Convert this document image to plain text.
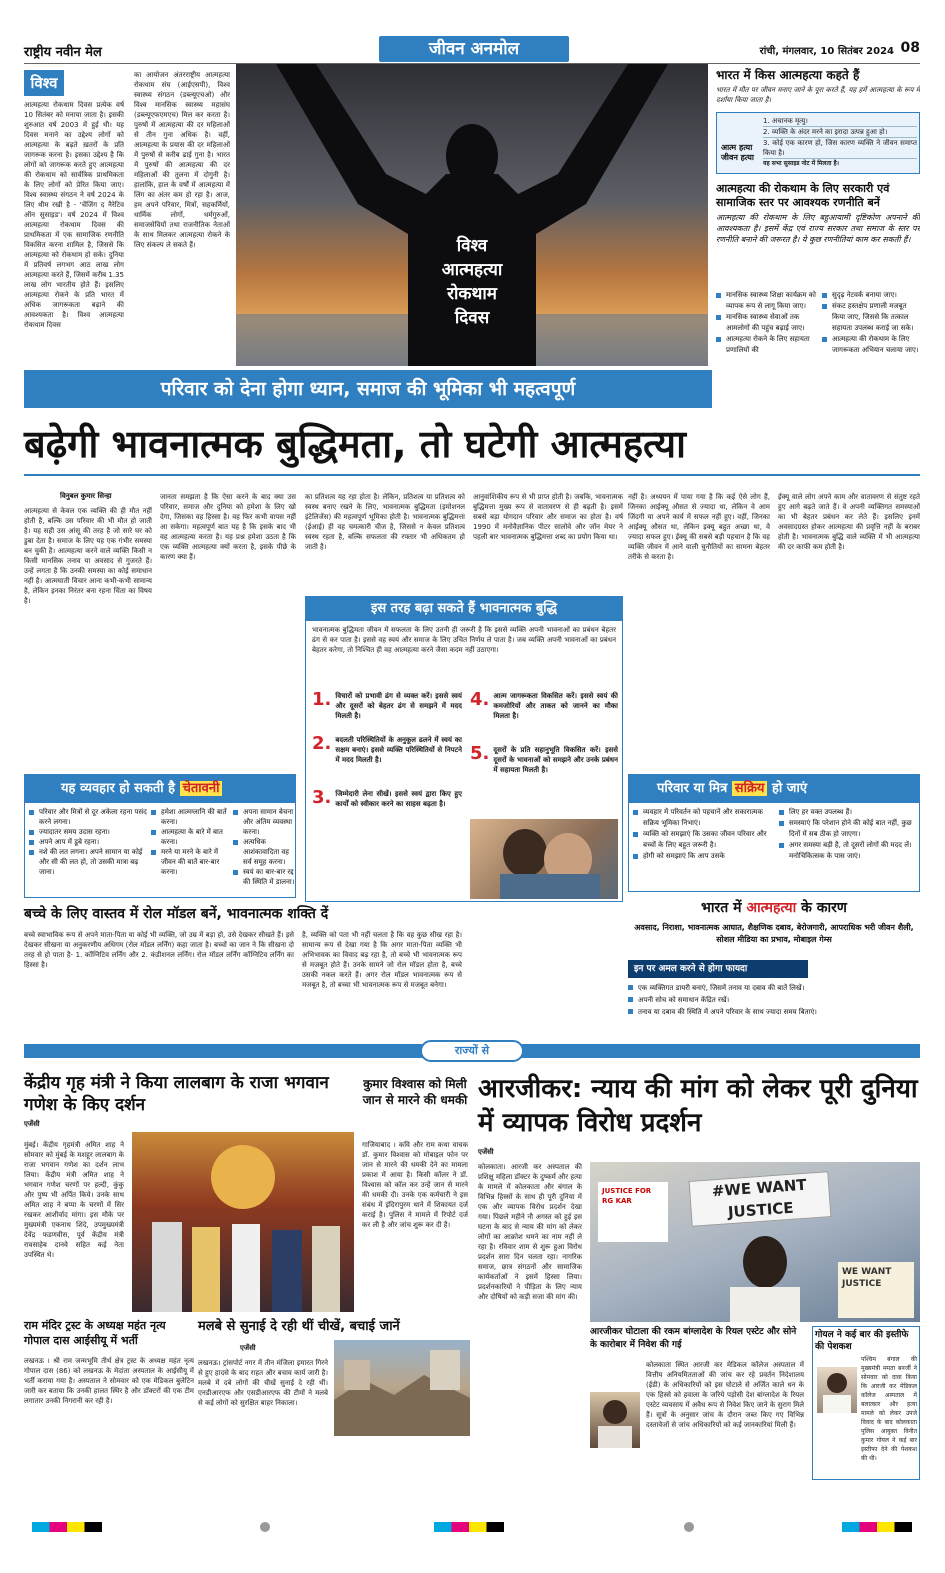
राष्ट्रीय नवीन मेल	जीवन अनमोल	रांची, मंगलवार, 10 सितंबर 2024 08
विश्व
आत्महत्या रोकथाम दिवस प्रत्येक वर्ष 10 सितंबर को मनाया जाता है। इसकी शुरुआत वर्ष 2003 में हुई थी। यह दिवस मनाने का उद्देश्य लोगों को आत्महत्या के बढ़ते ख़तरों के प्रति जागरूक करना है। इसका उद्देश्य है कि लोगों को जागरूक करते हुए आत्महत्या की रोकथाम को सार्वत्रिक प्राथमिकता के लिए लोगों को प्रेरित किया जाए। विश्व स्वास्थ्य संगठन ने वर्ष 2024 के लिए थीम रखी है - 'चेंजिंग द नैरेटिव ऑन सुसाइड'। वर्ष 2024 में विश्व आत्महत्या रोकथाम दिवस की प्राथमिकता में एक सामाजिक रणनीति विकसित करना शामिल है, जिससे कि आत्महत्या को रोकथाम हो सके। दुनिया में प्रतिवर्ष लगभग आठ लाख लोग आत्महत्या करते हैं, जिसमें करीब 1.35 लाख लोग भारतीय होते हैं। इसलिए आत्महत्या रोकने के प्रति भारत में अधिक जागरूकता बढ़ाने की आवश्यकता है। विश्व आत्महत्या रोकथाम दिवस
का आयोजन अंतरराष्ट्रीय आत्महत्या रोकथाम संघ (आईएसपी), विश्व स्वास्थ्य संगठन (डब्ल्यूएचओ) और विश्व मानसिक स्वास्थ्य महासंघ (डब्ल्यूएफएमएच) मिल कर करता है। पुरुषों में आत्महत्या की दर महिलाओं से तीन गुना अधिक है। वहीं, आत्महत्या के प्रयास की दर महिलाओं में पुरुषों से करीब ढाई गुना है। भारत में पुरुषों की आत्महत्या की दर महिलाओं की तुलना में दोगुनी है। हालांकि, हाल के वर्षों में आत्महत्या में लिंग का अंतर कम हो रहा है। आज, हम अपने परिवार, मित्रों, सहकर्मियों, धार्मिक लोगों, धर्मगुरुओं, समाजसेवियों तथा राजनीतिक नेताओं के साथ मिलकर आत्महत्या रोकने के लिए संकल्प ले सकते हैं।	विश्व
आत्महत्या
रोकथाम
दिवस
भारत में किस आत्महत्या कहते हैं
भारत में मौत पर जीवन मनाए जाने के पूरा करते हैं, यह हमें आत्महत्या के रूप में दर्शाया किया जाता है।
आत्म हत्या
जीवन हत्या
1. अचानक मृत्यु।
2. व्यक्ति के अंदर मरने का इरादा उत्पन्न हुआ हो।
3. कोई एक कारण हो, जिस कारण व्यक्ति ने जीवन समाप्त किया है।
यह सभा सुसाइड नोट में मिलता है।
आत्महत्या की रोकथाम के लिए सरकारी एवं सामाजिक स्तर पर आवश्यक रणनीति बनें
आत्महत्या की रोकथाम के लिए बहुआयामी दृष्टिकोण अपनाने की आवश्यकता है। इसमें केंद्र एवं राज्य सरकार तथा समाज के स्तर पर रणनीति बनाने की जरूरत है। ये कुछ रणनीतियां काम कर सकती हैं।
मानसिक स्वास्थ्य शिक्षा कार्यक्रम को व्यापक रूप से लागू किया जाए।
मानसिक स्वास्थ्य सेवाओं तक आमलोगों की पहुंच बढ़ाई जाए।
आत्महत्या रोकने के लिए सहायता प्रणालियों की
सुदृढ़ नेटवर्क बनाया जाए।
संकट हस्तक्षेप प्रणाली मजबूत किया जाए, जिससे कि तत्काल सहायता उपलब्ध कराई जा सके।
आत्महत्या की रोकथाम के लिए जागरूकता अभियान चलाया जाए।
परिवार को देना होगा ध्यान, समाज की भूमिका भी महत्वपूर्ण
बढ़ेगी भावनात्मक बुद्धिमता, तो घटेगी आत्महत्या
विनुबल कुमार सिन्हा
आत्महत्या से केवल एक व्यक्ति की ही मौत नहीं होती है, बल्कि उस परिवार की भी मौत हो जाती है। यह सही उस आंसू की तरह है जो सारे घर को डुबा देता है। समाज के लिए यह एक गंभीर समस्या बन चुकी है। आत्महत्या करने वाले व्यक्ति किसी न किसी मानसिक तनाव या अवसाद से गुजरते हैं। उन्हें लगता है कि उनकी समस्या का कोई समाधान नहीं है। आत्मघाती विचार आना कभी-कभी सामान्य है, लेकिन इनका निरंतर बना रहना चिंता का विषय है।
जानता समझता है कि ऐसा करने के बाद क्या उस परिवार, समाज और दुनिया को हमेशा के लिए खो देगा, जिसका वह हिस्सा है। वह फिर कभी वापस नहीं आ सकेगा। महत्वपूर्ण बात यह है कि इसके बाद भी वह आत्महत्या करता है। यह प्रश्न हमेशा उठता है कि एक व्यक्ति आत्महत्या क्यों करता है, इसके पीछे के कारण क्या हैं।
का प्रतिशत्व यह रहा होता है। लेकिन, प्रतिशत्व या प्रतिशत्व को स्वस्थ बनाए रखने के लिए, भावनात्मक बुद्धिमता (इमोशनल इंटेलिजेंस) की महत्वपूर्ण भूमिका होती है। भावनात्मक बुद्धिमत्ता (ईआई) ही वह चमत्कारी चीज है, जिससे न केवल प्रतिशत्व स्वस्थ रहता है, बल्कि सफलता की रफ्तार भी अधिकतम हो जाती है।
आनुवांशिकीय रूप से भी प्राप्त होती है। जबकि, भावनात्मक बुद्धिमत्ता मुख्य रूप से वातावरण से ही बढ़ती है। इसमें सबसे बड़ा योगदान परिवार और समाज का होता है। वर्ष 1990 में मनोवैज्ञानिक पीटर सालोवे और जॉन मेयर ने पहली बार भावनात्मक बुद्धिमत्ता शब्द का प्रयोग किया था।
नहीं है। अध्ययन में पाया गया है कि कई ऐसे लोग हैं, जिनका आईक्यू औसत से ज्यादा था, लेकिन वे आम जिंदगी या अपने कार्य में सफल नहीं हुए। वहीं, जिनका आईक्यू औसत था, लेकिन इक्यू बहुत अच्छा था, वे ज्यादा सफल हुए। ईक्यू की सबसे बड़ी पहचान है कि वह व्यक्ति जीवन में आने वाली चुनौतियों का सामना बेहतर तरीके से करता है।
ईक्यू वाले लोग अपने काम और वातावरण से संतुष्ट रहते हुए आगे बढ़ते जाते हैं। वे अपनी व्यक्तिगत समस्याओं का भी बेहतर प्रबंधन कर लेते हैं। इसलिए इनमें अवसादग्रस्त होकर आत्महत्या की प्रवृत्ति नहीं के बराबर होती है। भावनात्मक बुद्धि वाले व्यक्ति में भी आत्महत्या की दर काफी कम होती है।
इस तरह बढ़ा सकते हैं भावनात्मक बुद्धि
भावनात्मक बुद्धिमता जीवन में सफलता के लिए उतनी ही जरूरी है कि इससे व्यक्ति अपनी भावनाओं का प्रबंधन बेहतर ढंग से कर पाता है। इससे वह स्वयं और समाज के लिए उचित निर्णय ले पाता है। जब व्यक्ति अपनी भावनाओं का प्रबंधन बेहतर करेगा, तो निश्चित ही वह आत्महत्या करने जैसा कदम नहीं उठाएगा।
1. विचारों को प्रभावी ढंग से व्यक्त करें। इससे स्वयं और दूसरों को बेहतर ढंग से समझने में मदद मिलती है।
2. बदलती परिस्थितियों के अनुकूल ढलने में स्वयं का सक्षम बनाएं। इससे व्यक्ति परिस्थितियों से निपटने में मदद मिलती है।
3. जिम्मेदारी लेना सीखें। इससे स्वयं द्वारा किए हुए कार्यों को स्वीकार करने का साहस बढ़ता है।
4. आत्म जागरूकता विकसित करें। इससे स्वयं की कमजोरियों और ताकत को जानने का मौका मिलता है।
5. दूसरों के प्रति सहानुभूति विकसित करें। इससे दूसरों के भावनाओं को समझने और उनके प्रबंधन में सहायता मिलती है।
यह व्यवहार हो सकती है चेतावनी
परिवार और मित्रों से दूर अकेला रहना पसंद करने लगना।
ज्यादातर समय उदास रहना।
अपने आप में डूबे रहना।
नशे की लत लगना। अपने सामान या कोई और सी की लत हो, तो उसकी मात्रा बढ़ जाना।
हमेशा आत्मग्लानि की बातें करना।
आत्महत्या के बारे में बात करना।
मरने या मरने के बारे में जीवन की बातें बार-बार करना।
अपना सामान बेचना और अंतिम व्यवस्था करना।
अत्यधिक आशंकावादिता वह सर्व समूह करना।
स्वयं का बार-बार रद्द की स्थिति में डालना।
परिवार या मित्र सक्रिय हो जाएं
व्यवहार में परिवर्तन को पहचानें और सकारात्मक सक्रिय भूमिका निभाएं।
व्यक्ति को समझाएं कि उसका जीवन परिवार और बच्चों के लिए बहुत जरूरी है।
होगी को समझाएं कि आप उसके
लिए हर वक्त उपलब्ध हैं।
समस्याएं कि परेशान होने की कोई बात नहीं, कुछ दिनों में सब ठीक हो जाएगा।
अगर समस्या बड़ी है, तो दूसरों लोगों की मदद लें। मनोचिकित्सक के पास जाएं।
बच्चे के लिए वास्तव में रोल मॉडल बनें, भावनात्मक शक्ति दें
बच्चे स्वाभाविक रूप से अपने माता-पिता या कोई भी व्यक्ति, जो उम्र में बड़ा हो, उसे देखकर सीखते हैं। इसे देखकर सीखना या अनुकरणीय अधिगम (रोल मॉडल लर्निंग) कहा जाता है। बच्चों का जान ने कि सीखना दो तरह से हो पाता है- 1. कॉग्निटिव लर्निंग और 2. कंडीशनल लर्निंग। रोल मॉडल लर्निंग कॉग्निटिव लर्निंग का हिस्सा है।
है, व्यक्ति को पता भी नहीं चलता है कि वह कुछ सीख रहा है। सामान्य रूप से देखा गया है कि अगर माता-पिता व्यक्ति भी अभिभावक का विवाद बढ़ रहा है, तो बच्चे भी भावनात्मक रूप से मजबूत होते हैं। उनके सामने जो रोल मॉडल होता है, बच्चे उसकी नकल करते हैं। अगर रोल मॉडल भावनात्मक रूप से मजबूत है, तो बच्चा भी भावनात्मक रूप से मजबूत बनेगा।
भारत में आत्महत्या के कारण
अवसाद, निराशा, भावनात्मक आघात, शैक्षणिक दबाव, बेरोजगारी, आपराधिक भरी जीवन शैली, सोशल मीडिया का प्रभाव, मोबाइल गेम्स
इन पर अमल करने से होगा फायदा
एक व्यक्तिगत डायरी बनाएं, जिसमें तनाव या दबाव की बातें लिखें।
अपनी सोच को समाधान केंद्रित रखें।
तनाव या दबाव की स्थिति में अपने परिवार के साथ ज्यादा समय बिताएं।
राज्यों से
केंद्रीय गृह मंत्री ने किया लालबाग के राजा भगवान गणेश के किए दर्शन
एजेंसी
मुंबई। केंद्रीय गृहमंत्री अमित शाह ने सोमवार को मुंबई के मशहूर लालबाग के राजा भगवान गणेश का दर्शन लाभ लिया। केंद्रीय मंत्री अमित शाह ने भगवान गणेश चरणों पर हल्दी, कुंकु और पुष्प भी अर्पित किये। उनके साथ अमित शाह ने बप्पा के चरणों में सिर रखकर आशीर्वाद मांगा। इस मौके पर मुख्यमंत्री एकनाथ शिंदे, उपमुख्यमंत्री देवेंद्र फडणवीस, पूर्व केंद्रीय मंत्री रावसाहेब दानवे सहित कई नेता उपस्थित थे।
कुमार विश्वास को मिली जान से मारने की धमकी
गाजियाबाद । कवि और राम कथा वाचक डॉ. कुमार विश्वास को मोबाइल फोन पर जान से मारने की धमकी देने का मामला प्रकाश में आया है। किसी कॉलर ने डॉ. विश्वास को कॉल कर उन्हें जान से मारने की धमकी दी। उनके एक कर्मचारी ने इस संबंध में इंदिरापुरम थाने में शिकायत दर्ज कराई है। पुलिस ने मामले में रिपोर्ट दर्ज कर ली है और जांच शुरू कर दी है।
आरजीकर: न्याय की मांग को लेकर पूरी दुनिया में व्यापक विरोध प्रदर्शन
एजेंसी
कोलकाता। आरजी कर अस्पताल की प्रशिक्षु महिला डॉक्टर के दुष्कर्म और हत्या के मामले में कोलकाता और बंगाल के विभिन्न हिस्सों के साथ ही पूरी दुनिया में एक और व्यापक विरोध प्रदर्शन देखा गया। पिछले महीने नौ अगस्त को हुई इस घटना के बाद से न्याय की मांग को लेकर लोगों का आक्रोश थमने का नाम नहीं ले रहा है। रविवार शाम से शुरू हुआ विरोध प्रदर्शन सारा दिन चलता रहा। नागरिक समाज, छात्र संगठनों और सामाजिक कार्यकर्ताओं ने इसमें हिस्सा लिया। प्रदर्शनकारियों ने पीड़िता के लिए न्याय और दोषियों को कड़ी सजा की मांग की।
#WE WANT JUSTICE
JUSTICE FOR RG KAR
WE WANT JUSTICE
आरजीकर घोटाला की रकम बांग्लादेश के रियल एस्टेट और सोने के कारोबार में निवेश की गई
कोलकाता स्थित आरजी कर मेडिकल कॉलेज अस्पताल में वित्तीय अनियमितताओं की जांच कर रहे प्रवर्तन निदेशालय (ईडी) के अधिकारियों को इस घोटाले से अर्जित काले धन के एक हिस्से को हवाला के जरिये पड़ोसी देश बांग्लादेश के रियल एस्टेट व्यवसाय में अवैध रूप से निवेश किए जाने के सुराग मिले हैं। सूत्रों के अनुसार जांच के दौरान जब्त किए गए विभिन्न दस्तावेजों से जांच अधिकारियों को कई जानकारियां मिली हैं।
गोयल ने कई बार की इस्तीफे की पेशकश
पश्चिम बंगाल की मुख्यमंत्री ममता बनर्जी ने सोमवार को दावा किया कि आरजी कर मेडिकल कॉलेज अस्पताल में बलात्कार और हत्या मामले को लेकर उपजे विवाद के बाद कोलकाता पुलिस आयुक्त विनीत कुमार गोयल ने कई बार इस्तीफा देने की पेशकश की थी।
राम मंदिर ट्रस्ट के अध्यक्ष महंत नृत्य गोपाल दास आईसीयू में भर्ती
लखनऊ । श्री राम जन्मभूमि तीर्थ क्षेत्र ट्रस्ट के अध्यक्ष महंत नृत्य गोपाल दास (86) को लखनऊ के मेदांता अस्पताल के आईसीयू में भर्ती कराया गया है। अस्पताल ने सोमवार को एक मेडिकल बुलेटिन जारी कर बताया कि उनकी हालत स्थिर है और डॉक्टरों की एक टीम लगातार उनकी निगरानी कर रही है।
मलबे से सुनाई दे रही थीं चीखें, बचाई जानें
एजेंसी
लखनऊ। ट्रांसपोर्ट नगर में तीन मंजिला इमारत गिरने से हुए हादसे के बाद राहत और बचाव कार्य जारी है। मलबे में दबे लोगों की चीखें सुनाई दे रही थीं। एनडीआरएफ और एसडीआरएफ की टीमों ने मलबे से कई लोगों को सुरक्षित बाहर निकाला।
